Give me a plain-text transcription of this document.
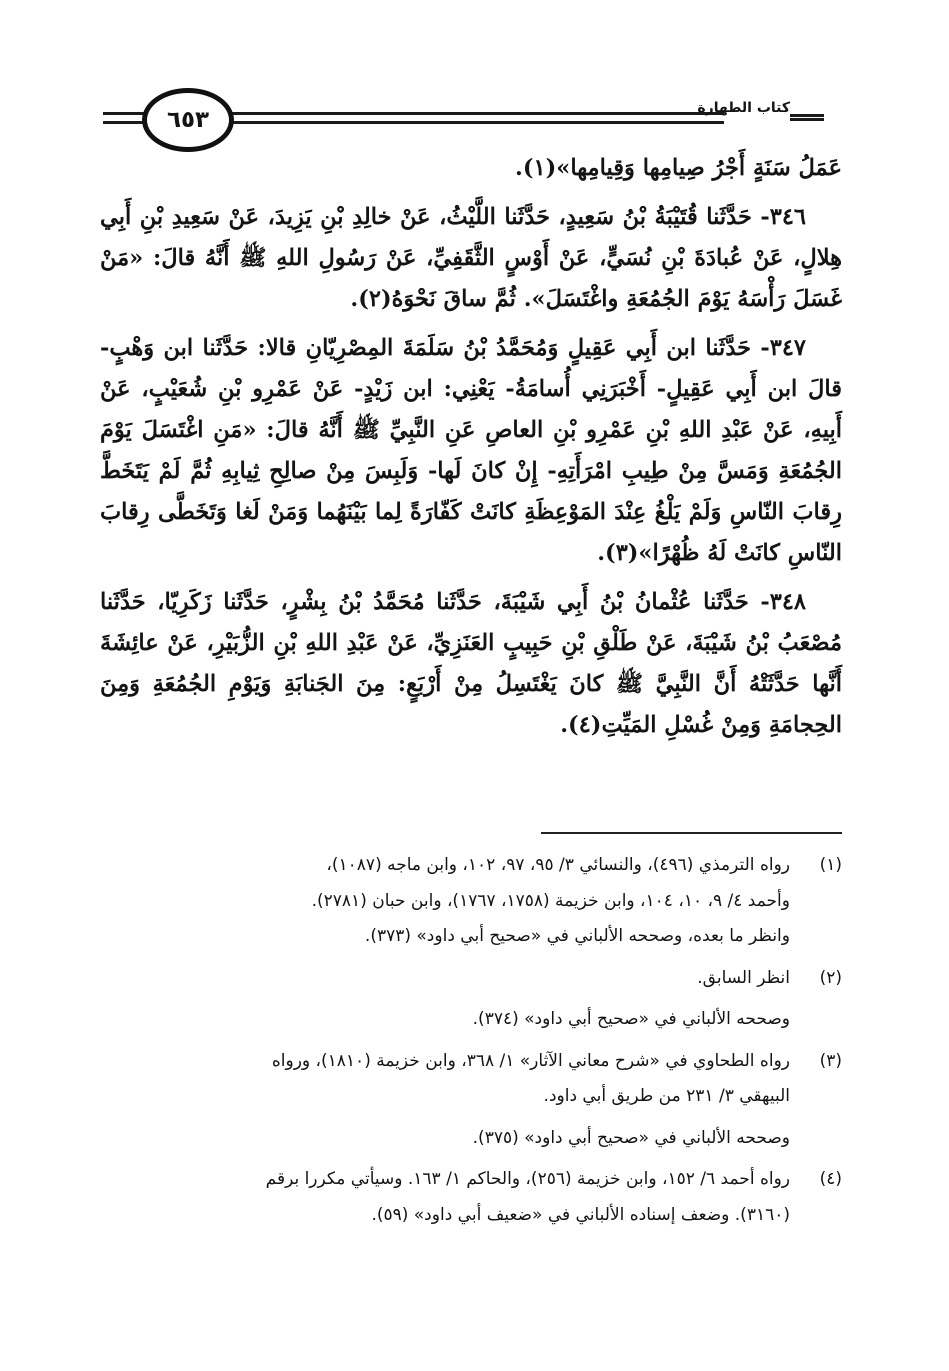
كتاب الطهارة
٦٥٣

عَمَلُ سَنَةٍ أَجْرُ صِيامِها وَقِيامِها»(١).

٣٤٦- حَدَّثَنا قُتَيْبَةُ بْنُ سَعِيدٍ، حَدَّثَنا اللَّيْثُ، عَنْ خالِدِ بْنِ يَزِيدَ، عَنْ سَعِيدِ بْنِ أَبِي هِلالٍ، عَنْ عُبادَةَ بْنِ نُسَيٍّ، عَنْ أَوْسٍ الثَّقَفِيِّ، عَنْ رَسُولِ اللهِ ﷺ أَنَّهُ قالَ: «مَنْ غَسَلَ رَأْسَهُ يَوْمَ الجُمُعَةِ واغْتَسَلَ». ثُمَّ ساقَ نَحْوَهُ(٢).

٣٤٧- حَدَّثَنا ابن أَبِي عَقِيلٍ وَمُحَمَّدُ بْنُ سَلَمَةَ المِصْرِيّانِ قالا: حَدَّثَنا ابن وَهْبٍ- قالَ ابن أَبِي عَقِيلٍ- أَخْبَرَنِي أُسامَةُ- يَعْنِي: ابن زَيْدٍ- عَنْ عَمْرِو بْنِ شُعَيْبٍ، عَنْ أَبِيهِ، عَنْ عَبْدِ اللهِ بْنِ عَمْرِو بْنِ العاصِ عَنِ النَّبِيِّ ﷺ أَنَّهُ قالَ: «مَنِ اغْتَسَلَ يَوْمَ الجُمُعَةِ وَمَسَّ مِنْ طِيبِ امْرَأَتِهِ- إِنْ كانَ لَها- وَلَبِسَ مِنْ صالِحِ ثِيابِهِ ثُمَّ لَمْ يَتَخَطَّ رِقابَ النّاسِ وَلَمْ يَلْغُ عِنْدَ المَوْعِظَةِ كانَتْ كَفّارَةً لِما بَيْنَهُما وَمَنْ لَغا وَتَخَطَّى رِقابَ النّاسِ كانَتْ لَهُ ظُهْرًا»(٣).

٣٤٨- حَدَّثَنا عُثْمانُ بْنُ أَبِي شَيْبَةَ، حَدَّثَنا مُحَمَّدُ بْنُ بِشْرٍ، حَدَّثَنا زَكَرِيّا، حَدَّثَنا مُصْعَبُ بْنُ شَيْبَةَ، عَنْ طَلْقِ بْنِ حَبِيبٍ العَنَزِيِّ، عَنْ عَبْدِ اللهِ بْنِ الزُّبَيْرِ، عَنْ عائِشَةَ أَنَّها حَدَّثَتْهُ أَنَّ النَّبِيَّ ﷺ كانَ يَغْتَسِلُ مِنْ أَرْبَعٍ: مِنَ الجَنابَةِ وَيَوْمِ الجُمُعَةِ وَمِنَ الحِجامَةِ وَمِنْ غُسْلِ المَيِّتِ(٤).

(١)
رواه الترمذي (٤٩٦)، والنسائي ٣/ ٩٥، ٩٧، ١٠٢، وابن ماجه (١٠٨٧)،
وأحمد ٤/ ٩، ١٠، ١٠٤، وابن خزيمة (١٧٥٨، ١٧٦٧)، وابن حبان (٢٧٨١).
وانظر ما بعده، وصححه الألباني في «صحيح أبي داود» (٣٧٣).
(٢)
انظر السابق.
وصححه الألباني في «صحيح أبي داود» (٣٧٤).
(٣)
رواه الطحاوي في «شرح معاني الآثار» ١/ ٣٦٨، وابن خزيمة (١٨١٠)، ورواه
البيهقي ٣/ ٢٣١ من طريق أبي داود.
وصححه الألباني في «صحيح أبي داود» (٣٧٥).
(٤)
رواه أحمد ٦/ ١٥٢، وابن خزيمة (٢٥٦)، والحاكم ١/ ١٦٣. وسيأتي مكررا برقم
(٣١٦٠). وضعف إسناده الألباني في «ضعيف أبي داود» (٥٩).
